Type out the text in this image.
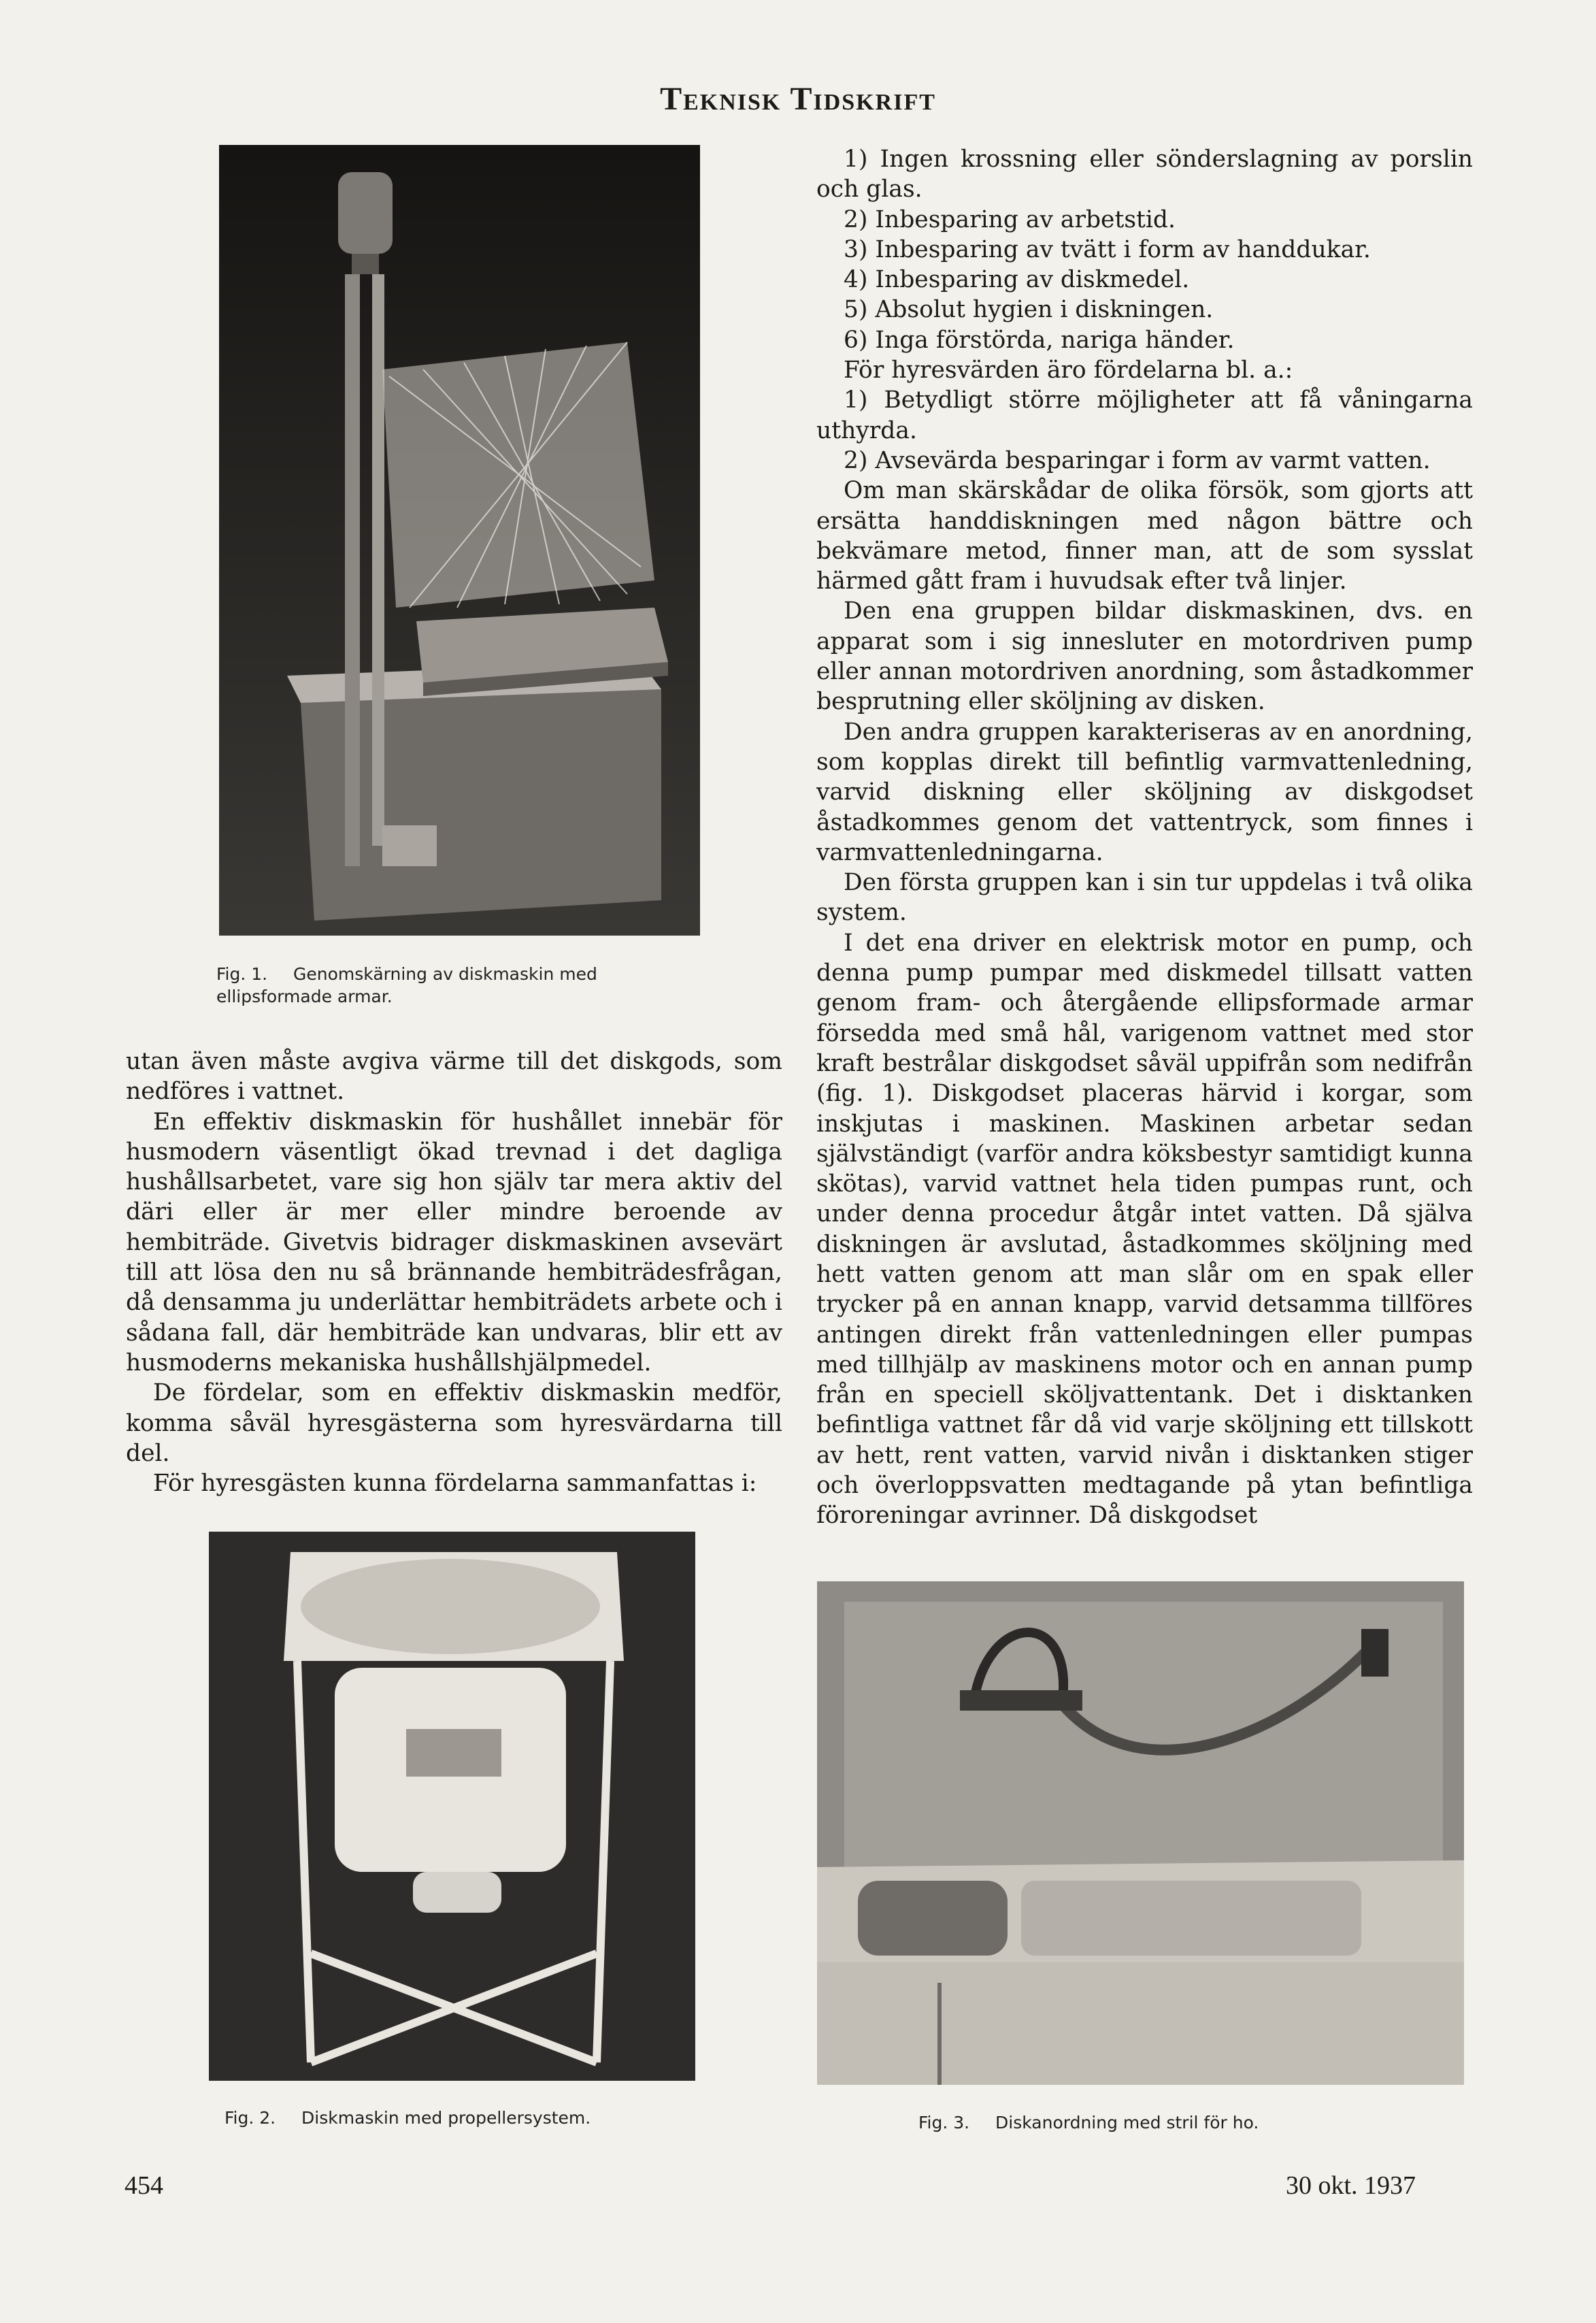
Teknisk Tidskrift
Fig. 1. Genomskärning av diskmaskin med ellipsformade armar.

utan även måste avgiva värme till det diskgods, som nedföres i vattnet.

En effektiv diskmaskin för hushållet innebär för husmodern väsentligt ökad trevnad i det dagliga hushållsarbetet, vare sig hon själv tar mera aktiv del däri eller är mer eller mindre beroende av hembiträde. Givetvis bidrager diskmaskinen avsevärt till att lösa den nu så brännande hembiträdesfrågan, då densamma ju underlättar hembiträdets arbete och i sådana fall, där hembiträde kan undvaras, blir ett av husmoderns mekaniska hushållshjälpmedel.

De fördelar, som en effektiv diskmaskin medför, komma såväl hyresgästerna som hyresvärdarna till del.

För hyresgästen kunna fördelarna sammanfattas i:

1) Ingen krossning eller sönderslagning av porslin och glas.

2) Inbesparing av arbetstid.

3) Inbesparing av tvätt i form av handdukar.

4) Inbesparing av diskmedel.

5) Absolut hygien i diskningen.

6) Inga förstörda, nariga händer.

För hyresvärden äro fördelarna bl. a.:

1) Betydligt större möjligheter att få våningarna uthyrda.

2) Avsevärda besparingar i form av varmt vatten.

Om man skärskådar de olika försök, som gjorts att ersätta handdiskningen med någon bättre och bekvämare metod, finner man, att de som sysslat härmed gått fram i huvudsak efter två linjer.

Den ena gruppen bildar diskmaskinen, dvs. en apparat som i sig innesluter en motordriven pump eller annan motordriven anordning, som åstadkommer besprutning eller sköljning av disken.

Den andra gruppen karakteriseras av en anordning, som kopplas direkt till befintlig varmvattenledning, varvid diskning eller sköljning av diskgodset åstadkommes genom det vattentryck, som finnes i varmvattenledningarna.

Den första gruppen kan i sin tur uppdelas i två olika system.

I det ena driver en elektrisk motor en pump, och denna pump pumpar med diskmedel tillsatt vatten genom fram- och återgående ellipsformade armar försedda med små hål, varigenom vattnet med stor kraft bestrålar diskgodset såväl uppifrån som nedifrån (fig. 1). Diskgodset placeras härvid i korgar, som inskjutas i maskinen. Maskinen arbetar sedan självständigt (varför andra köksbestyr samtidigt kunna skötas), varvid vattnet hela tiden pumpas runt, och under denna procedur åtgår intet vatten. Då själva diskningen är avslutad, åstadkommes sköljning med hett vatten genom att man slår om en spak eller trycker på en annan knapp, varvid detsamma tillföres antingen direkt från vattenledningen eller pumpas med tillhjälp av maskinens motor och en annan pump från en speciell sköljvattentank. Det i disktanken befintliga vattnet får då vid varje sköljning ett tillskott av hett, rent vatten, varvid nivån i disktanken stiger och överloppsvatten medtagande på ytan befintliga föroreningar avrinner. Då diskgodset

Fig. 2. Diskmaskin med propellersystem.	Fig. 3. Diskanordning med stril för ho.
454	30 okt. 1937
